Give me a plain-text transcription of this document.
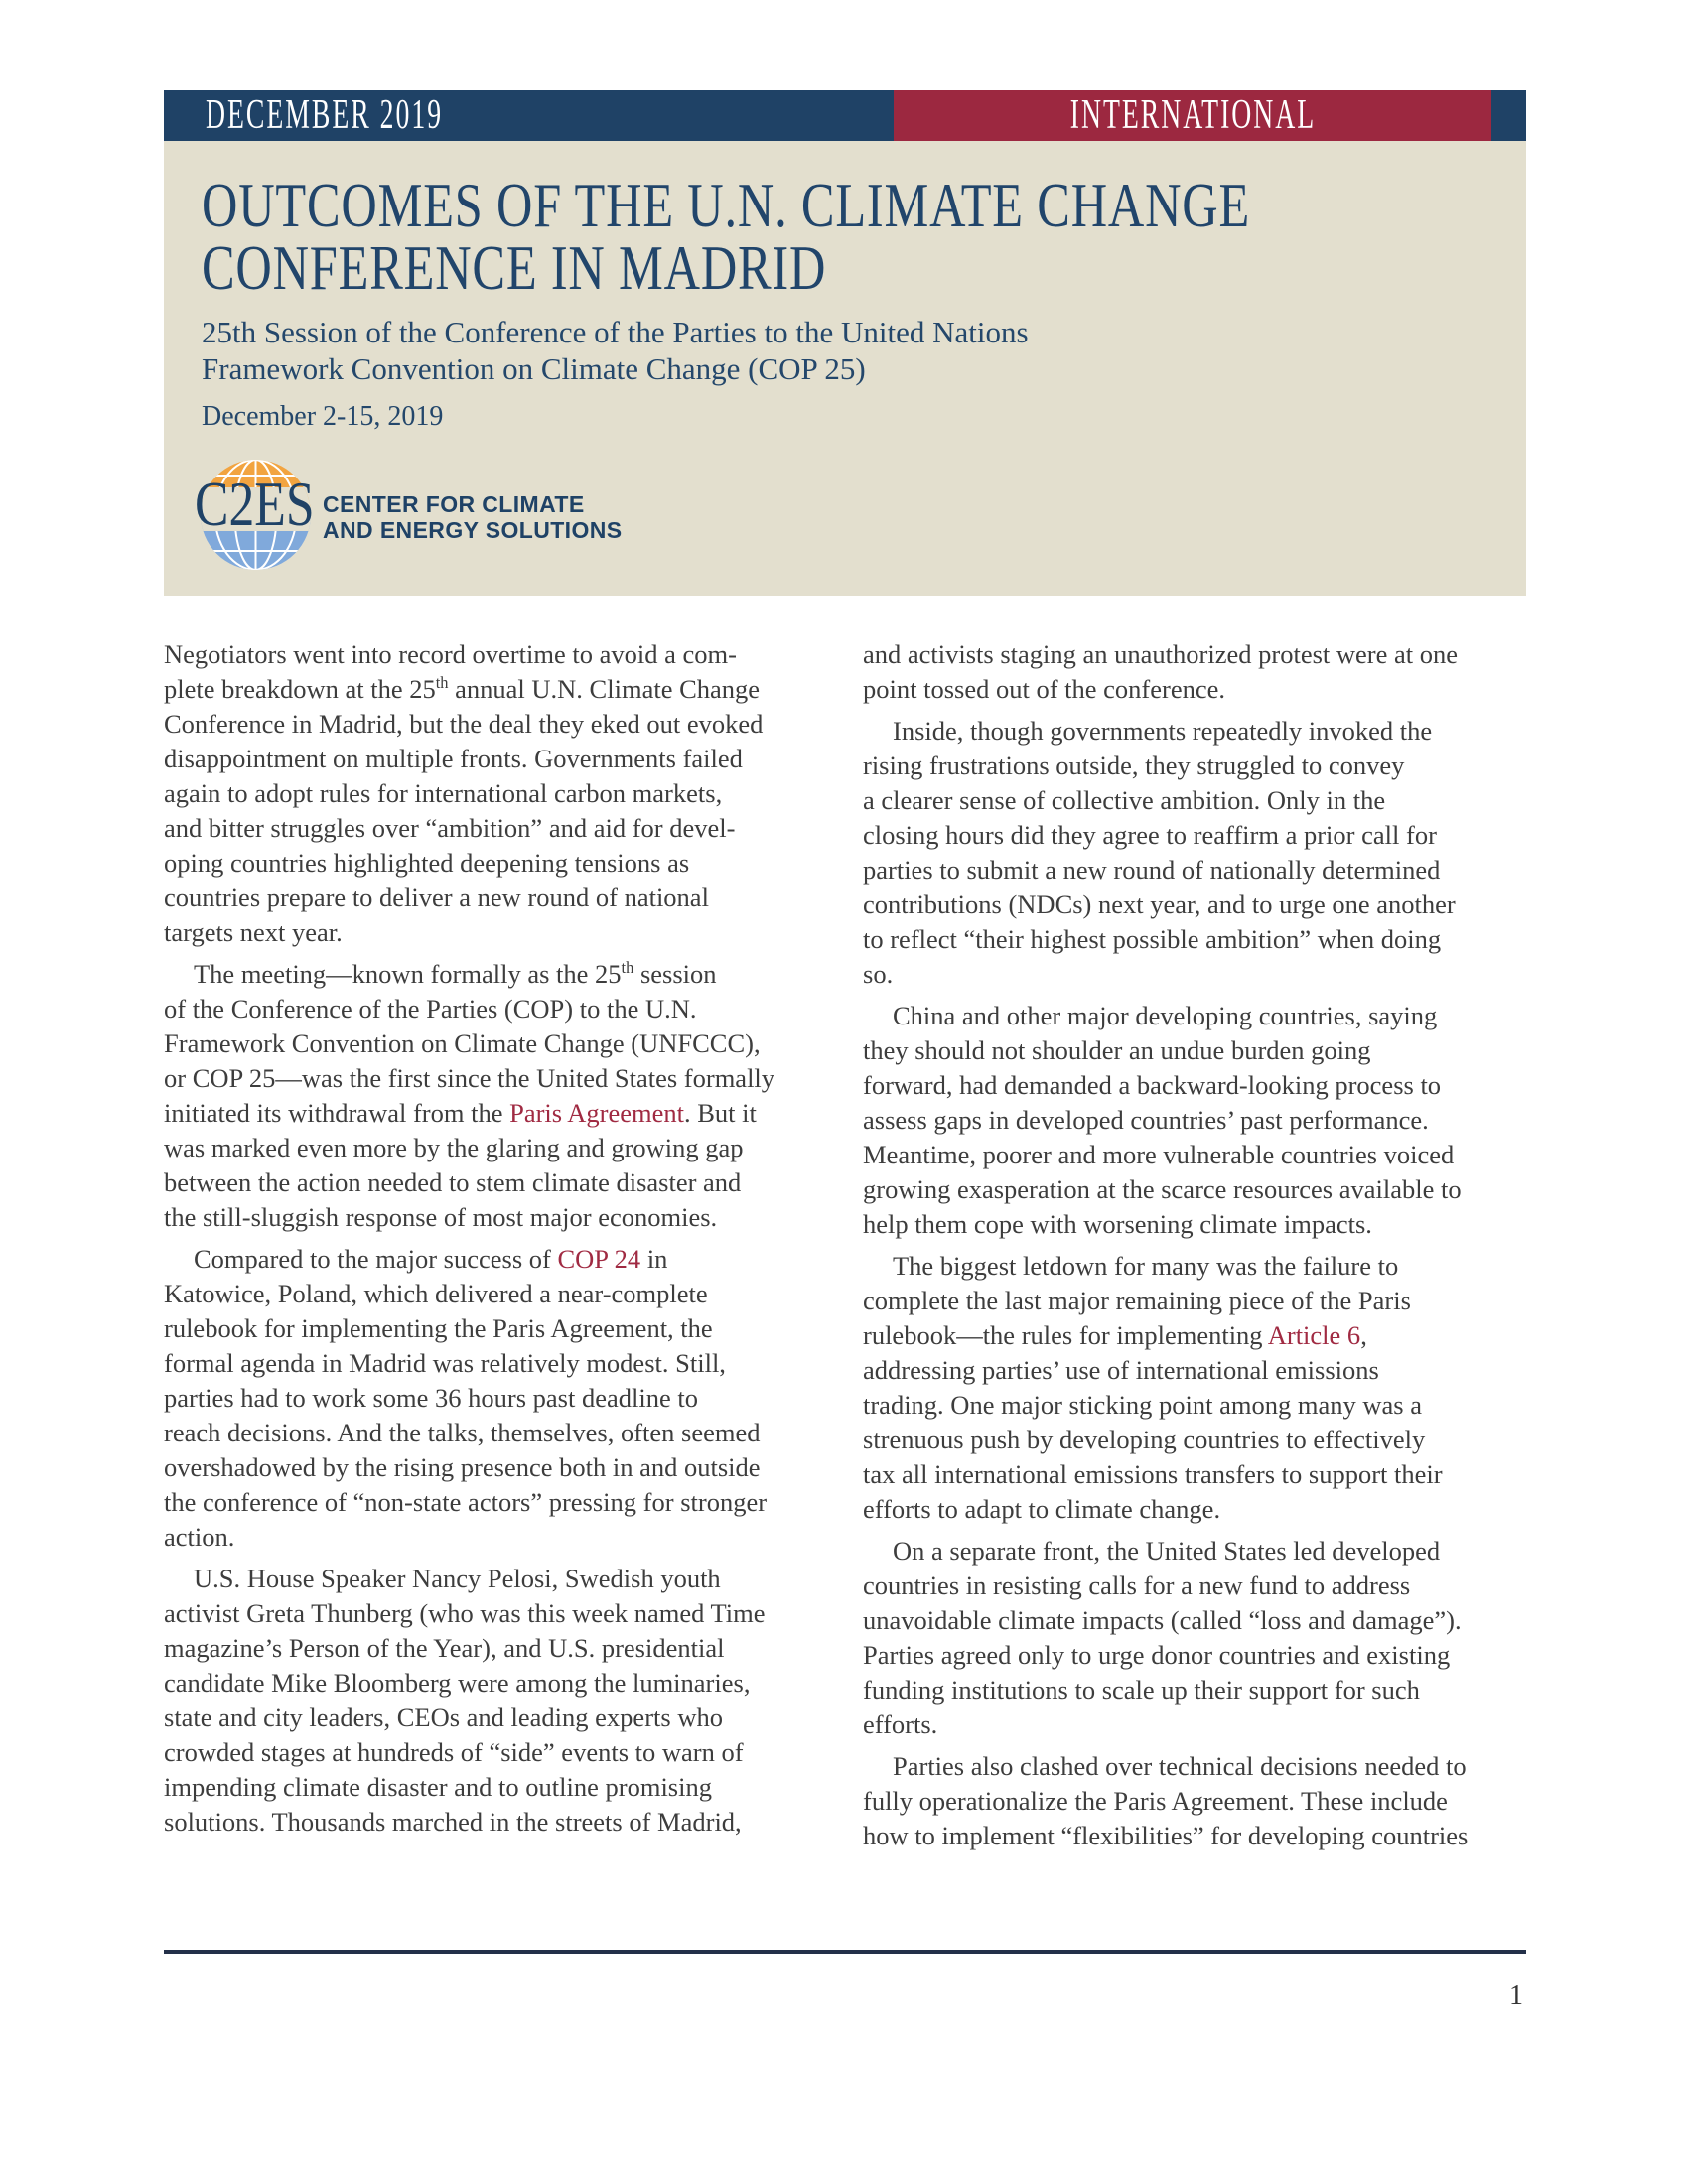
DECEMBER 2019	INTERNATIONAL
OUTCOMES OF THE U.N. CLIMATE CHANGE
CONFERENCE IN MADRID
25th Session of the Conference of the Parties to the United Nations
Framework Convention on Climate Change (COP 25)
December 2-15, 2019
C2ES CENTER FOR CLIMATE
AND ENERGY SOLUTIONS

Negotiators went into record overtime to avoid a com-
plete breakdown at the 25th annual U.N. Climate Change
Conference in Madrid, but the deal they eked out evoked
disappointment on multiple fronts. Governments failed
again to adopt rules for international carbon markets,
and bitter struggles over “ambition” and aid for devel-
oping countries highlighted deepening tensions as
countries prepare to deliver a new round of national
targets next year.

The meeting—known formally as the 25th session
of the Conference of the Parties (COP) to the U.N.
Framework Convention on Climate Change (UNFCCC),
or COP 25—was the first since the United States formally
initiated its withdrawal from the Paris Agreement. But it
was marked even more by the glaring and growing gap
between the action needed to stem climate disaster and
the still-sluggish response of most major economies.

Compared to the major success of COP 24 in
Katowice, Poland, which delivered a near-complete
rulebook for implementing the Paris Agreement, the
formal agenda in Madrid was relatively modest. Still,
parties had to work some 36 hours past deadline to
reach decisions. And the talks, themselves, often seemed
overshadowed by the rising presence both in and outside
the conference of “non-state actors” pressing for stronger
action.

U.S. House Speaker Nancy Pelosi, Swedish youth
activist Greta Thunberg (who was this week named Time
magazine’s Person of the Year), and U.S. presidential
candidate Mike Bloomberg were among the luminaries,
state and city leaders, CEOs and leading experts who
crowded stages at hundreds of “side” events to warn of
impending climate disaster and to outline promising
solutions. Thousands marched in the streets of Madrid,

and activists staging an unauthorized protest were at one
point tossed out of the conference.

Inside, though governments repeatedly invoked the
rising frustrations outside, they struggled to convey
a clearer sense of collective ambition. Only in the
closing hours did they agree to reaffirm a prior call for
parties to submit a new round of nationally determined
contributions (NDCs) next year, and to urge one another
to reflect “their highest possible ambition” when doing
so.

China and other major developing countries, saying
they should not shoulder an undue burden going
forward, had demanded a backward-looking process to
assess gaps in developed countries’ past performance.
Meantime, poorer and more vulnerable countries voiced
growing exasperation at the scarce resources available to
help them cope with worsening climate impacts.

The biggest letdown for many was the failure to
complete the last major remaining piece of the Paris
rulebook—the rules for implementing Article 6,
addressing parties’ use of international emissions
trading. One major sticking point among many was a
strenuous push by developing countries to effectively
tax all international emissions transfers to support their
efforts to adapt to climate change.

On a separate front, the United States led developed
countries in resisting calls for a new fund to address
unavoidable climate impacts (called “loss and damage”).
Parties agreed only to urge donor countries and existing
funding institutions to scale up their support for such
efforts.

Parties also clashed over technical decisions needed to
fully operationalize the Paris Agreement. These include
how to implement “flexibilities” for developing countries

1
